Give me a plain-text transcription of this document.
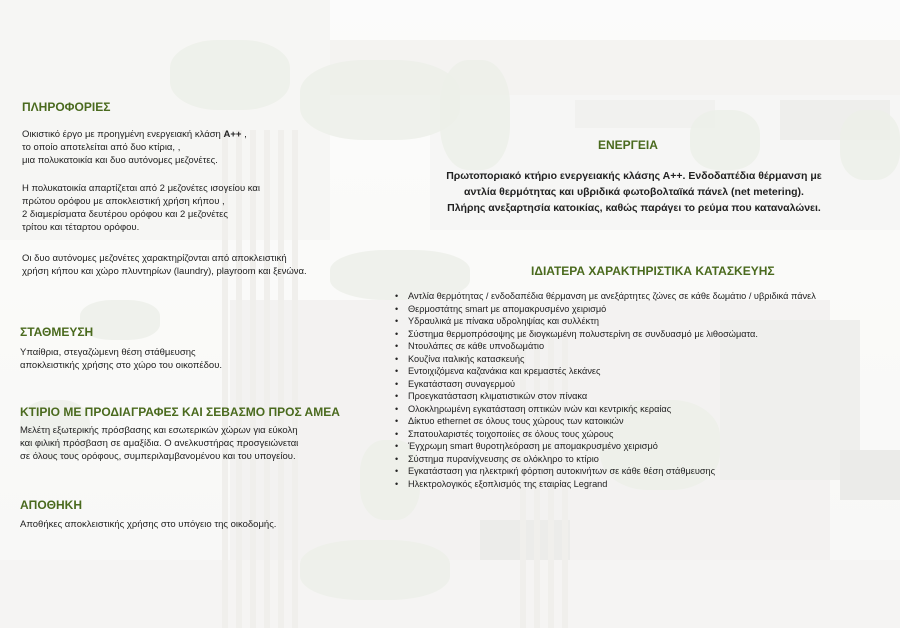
ΠΛΗΡΟΦΟΡΙΕΣ
Οικιστικό έργο με προηγμένη ενεργειακή κλάση Α++ ,
το οποίο αποτελείται από δυο κτίρια, ,
μια πολυκατοικία και δυο αυτόνομες μεζονέτες.
Η πολυκατοικία απαρτίζεται από 2 μεζονέτες ισογείου και
πρώτου ορόφου με αποκλειστική χρήση κήπου ,
2 διαμερίσματα δευτέρου ορόφου και 2 μεζονέτες
τρίτου και τέταρτου ορόφου.
Οι δυο αυτόνομες μεζονέτες χαρακτηρίζονται από αποκλειστική
χρήση κήπου και χώρο πλυντηρίων (laundry), playroom και ξενώνα.
ΣΤΑΘΜΕΥΣΗ
Υπαίθρια, στεγαζώμενη θέση στάθμευσης
αποκλειστικής χρήσης στο χώρο του οικοπέδου.
ΚΤΙΡΙΟ ΜΕ ΠΡΟΔΙΑΓΡΑΦΕΣ ΚΑΙ ΣΕΒΑΣΜΟ ΠΡΟΣ ΑΜΕΑ
Μελέτη εξωτερικής πρόσβασης και εσωτερικών χώρων για εύκολη
και φιλική πρόσβαση σε αμαξίδια. Ο ανελκυστήρας προσγειώνεται
σε όλους τους ορόφους, συμπεριλαμβανομένου και του υπογείου.
ΑΠΟΘΗΚΗ
Αποθήκες αποκλειστικής χρήσης στο υπόγειο της οικοδομής.
ΕΝΕΡΓΕΙΑ
Πρωτοποριακό κτήριο ενεργειακής κλάσης Α++. Ενδοδαπέδια θέρμανση με
αντλία θερμότητας και υβριδικά φωτοβολταϊκά πάνελ (net metering).
Πλήρης ανεξαρτησία κατοικίας, καθώς παράγει το ρεύμα που καταναλώνει.
ΙΔΙΑΤΕΡΑ ΧΑΡΑΚΤΗΡΙΣΤΙΚΑ ΚΑΤΑΣΚΕΥΗΣ
• Αντλία θερμότητας / ενδοδαπέδια θέρμανση με ανεξάρτητες ζώνες σε κάθε δωμάτιο / υβριδικά πάνελ
• Θερμοστάτης smart με απομακρυσμένο χειρισμό
• Υδραυλικά με πίνακα υδροληψίας και συλλέκτη
• Σύστημα θερμοπρόσοψης με διογκωμένη πολυστερίνη σε συνδυασμό με λιθοσώματα.
• Ντουλάπες σε κάθε υπνοδωμάτιο
• Κουζίνα ιταλικής κατασκευής
• Εντοιχιζόμενα καζανάκια και κρεμαστές λεκάνες
• Εγκατάσταση συναγερμού
• Προεγκατάσταση κλιματιστικών στον πίνακα
• Ολοκληρωμένη εγκατάσταση οπτικών ινών και κεντρικής κεραίας
• Δίκτυο ethernet σε όλους τους χώρους των κατοικιών
• Σπατουλαριστές τοιχοποιίες σε όλους τους χώρους
• Έγχρωμη smart θυροτηλεόραση με απομακρυσμένο χειρισμό
• Σύστημα πυρανίχνευσης σε ολόκληρο το κτίριο
• Εγκατάσταση για ηλεκτρική φόρτιση αυτοκινήτων σε κάθε θέση στάθμευσης
• Ηλεκτρολογικός εξοπλισμός της εταιρίας Legrand
